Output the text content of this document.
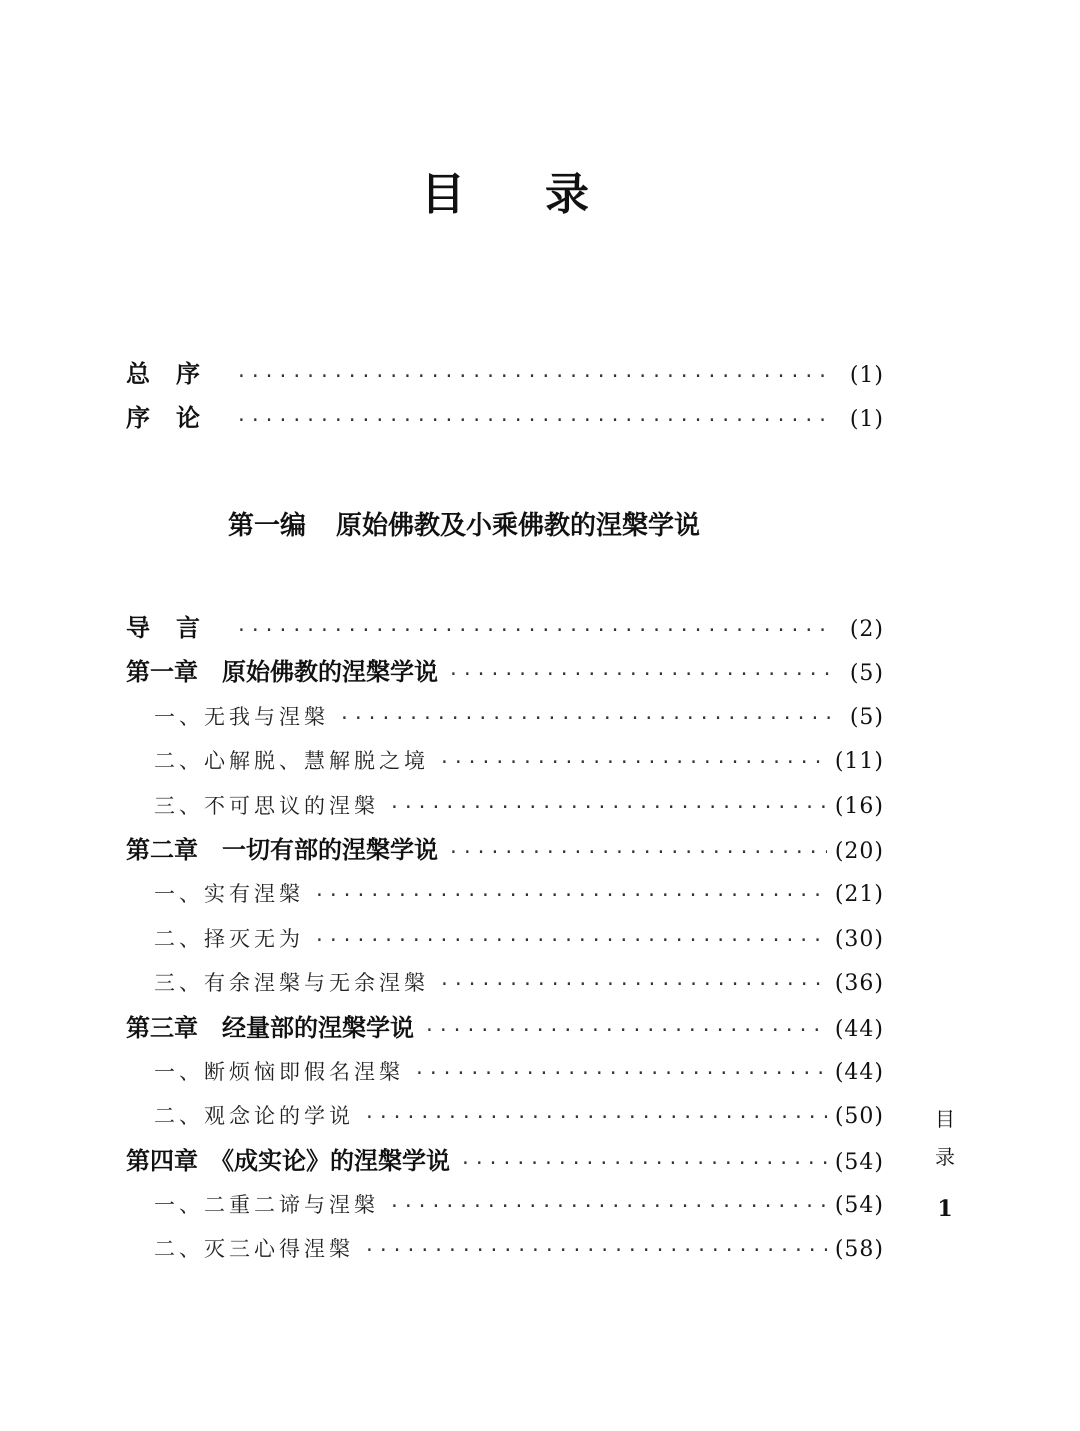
目录
总序 ·····	(1)
序论 ·····	(1)
第一编 原始佛教及小乘佛教的涅槃学说
导言 ·····	(2)
第一章　原始佛教的涅槃学说 ·····	(5)
一、无我与涅槃 ·····	(5)
二、心解脱、慧解脱之境 ·····	(11)
三、不可思议的涅槃 ·····	(16)
第二章　一切有部的涅槃学说 ·····	(20)
一、实有涅槃 ·····	(21)
二、择灭无为 ·····	(30)
三、有余涅槃与无余涅槃 ·····	(36)
第三章　经量部的涅槃学说 ·····	(44)
一、断烦恼即假名涅槃 ·····	(44)
二、观念论的学说 ·····	(50)
第四章　《成实论》的涅槃学说 ·····	(54)
一、二重二谛与涅槃 ·····	(54)
二、灭三心得涅槃 ·····	(58)
目
录
1
